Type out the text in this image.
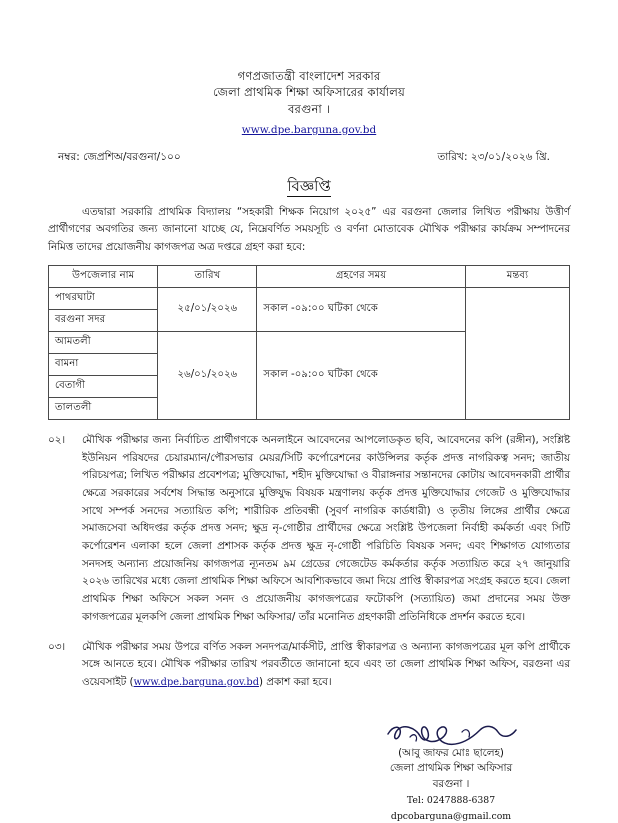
গণপ্রজাতন্ত্রী বাংলাদেশ সরকার
জেলা প্রাথমিক শিক্ষা অফিসারের কার্যালয়
বরগুনা ।
www.dpe.barguna.gov.bd
নম্বর: জেপ্রশিঅ/বরগুনা/১০০	তারিখ: ২৩/০১/২০২৬ খ্রি.
বিজ্ঞপ্তি

এতদ্বারা সরকারি প্রাথমিক বিদ্যালয় “সহকারী শিক্ষক নিয়োগ ২০২৫” এর বরগুনা জেলার লিখিত পরীক্ষায় উত্তীর্ণ প্রার্থীগণের অবগতির জন্য জানানো যাচ্ছে যে, নিম্নেবর্ণিত সময়সূচি ও বর্ণনা মোতাবেক মৌখিক পরীক্ষার কার্যক্রম সম্পাদনের নিমিত্ত তাদের প্রয়োজনীয় কাগজপত্র অত্র দপ্তরে গ্রহণ করা হবে:

উপজেলার নাম	তারিখ	গ্রহণের সময়	মন্তব্য
পাথরঘাটা	২৫/০১/২০২৬	সকাল -০৯:০০ ঘটিকা থেকে	
বরগুনা সদর			
আমতলী	২৬/০১/২০২৬	সকাল -০৯:০০ ঘটিকা থেকে	
বামনা			
বেতাগী			
তালতলী			
০২।	মৌখিক পরীক্ষার জন্য নির্বাচিত প্রার্থীগণকে অনলাইনে আবেদনের আপলোডকৃত ছবি, আবেদনের কপি (রঙ্গীন), সংশ্লিষ্ট ইউনিয়ন পরিষদের চেয়ারম্যান/পৌরসভার মেয়র/সিটি কর্পোরেশনের কাউন্সিলর কর্তৃক প্রদত্ত নাগরিকত্ব সনদ; জাতীয় পরিচয়পত্র; লিখিত পরীক্ষার প্রবেশপত্র; মুক্তিযোদ্ধা, শহীদ মুক্তিযোদ্ধা ও বীরাঙ্গনার সন্তানদের কোটায় আবেদনকারী প্রার্থীর ক্ষেত্রে সরকারের সর্বশেষ সিদ্ধান্ত অনুসারে মুক্তিযুদ্ধ বিষয়ক মন্ত্রণালয় কর্তৃক প্রদত্ত মুক্তিযোদ্ধার গেজেট ও মুক্তিযোদ্ধার সাথে সম্পর্ক সনদের সত্যায়িত কপি; শারীরিক প্রতিবন্ধী (সুবর্ণ নাগরিক কার্ডধারী) ও তৃতীয় লিঙ্গের প্রার্থীর ক্ষেত্রে সমাজসেবা অধিদপ্তর কর্তৃক প্রদত্ত সনদ; ক্ষুদ্র নৃ-গোষ্ঠীর প্রার্থীদের ক্ষেত্রে সংশ্লিষ্ট উপজেলা নির্বাহী কর্মকর্তা এবং সিটি কর্পোরেশন এলাকা হলে জেলা প্রশাসক কর্তৃক প্রদত্ত ক্ষুদ্র নৃ-গোষ্ঠী পরিচিতি বিষয়ক সনদ; এবং শিক্ষাগত যোগ্যতার সনদসহ অন্যান্য প্রয়োজনিয় কাগজপত্র ন্যূনতম ৯ম গ্রেডের গেজেটেড কর্মকর্তার কর্তৃক সত্যায়িত করে ২৭ জানুয়ারি ২০২৬ তারিখের মধ্যে জেলা প্রাথমিক শিক্ষা অফিসে আবশ্যিকভাবে জমা দিয়ে প্রাপ্তি স্বীকারপত্র সংগ্রহ করতে হবে। জেলা প্রাথমিক শিক্ষা অফিসে সকল সনদ ও প্রয়োজনীয় কাগজপত্রের ফটোকপি (সত্যায়িত) জমা প্রদানের সময় উক্ত কাগজপত্রের মূলকপি জেলা প্রাথমিক শিক্ষা অফিসার/ তাঁর মনোনিত গ্রহণকারী প্রতিনিধিকে প্রদর্শন করতে হবে।

০৩।	মৌখিক পরীক্ষার সময় উপরে বর্ণিত সকল সনদপত্র/মার্কসীট, প্রাপ্তি স্বীকারপত্র ও অন্যান্য কাগজপত্রের মূল কপি প্রার্থীকে সঙ্গে আনতে হবে। মৌখিক পরীক্ষার তারিখ পরবর্তীতে জানানো হবে এবং তা জেলা প্রাথমিক শিক্ষা অফিস, বরগুনা এর ওয়েবসাইট (www.dpe.barguna.gov.bd) প্রকাশ করা হবে।

(আবু জাফর মোঃ ছালেহ)
জেলা প্রাথমিক শিক্ষা অফিসার
বরগুনা ।
Tel: 0247888-6387
dpcobarguna@gmail.com
